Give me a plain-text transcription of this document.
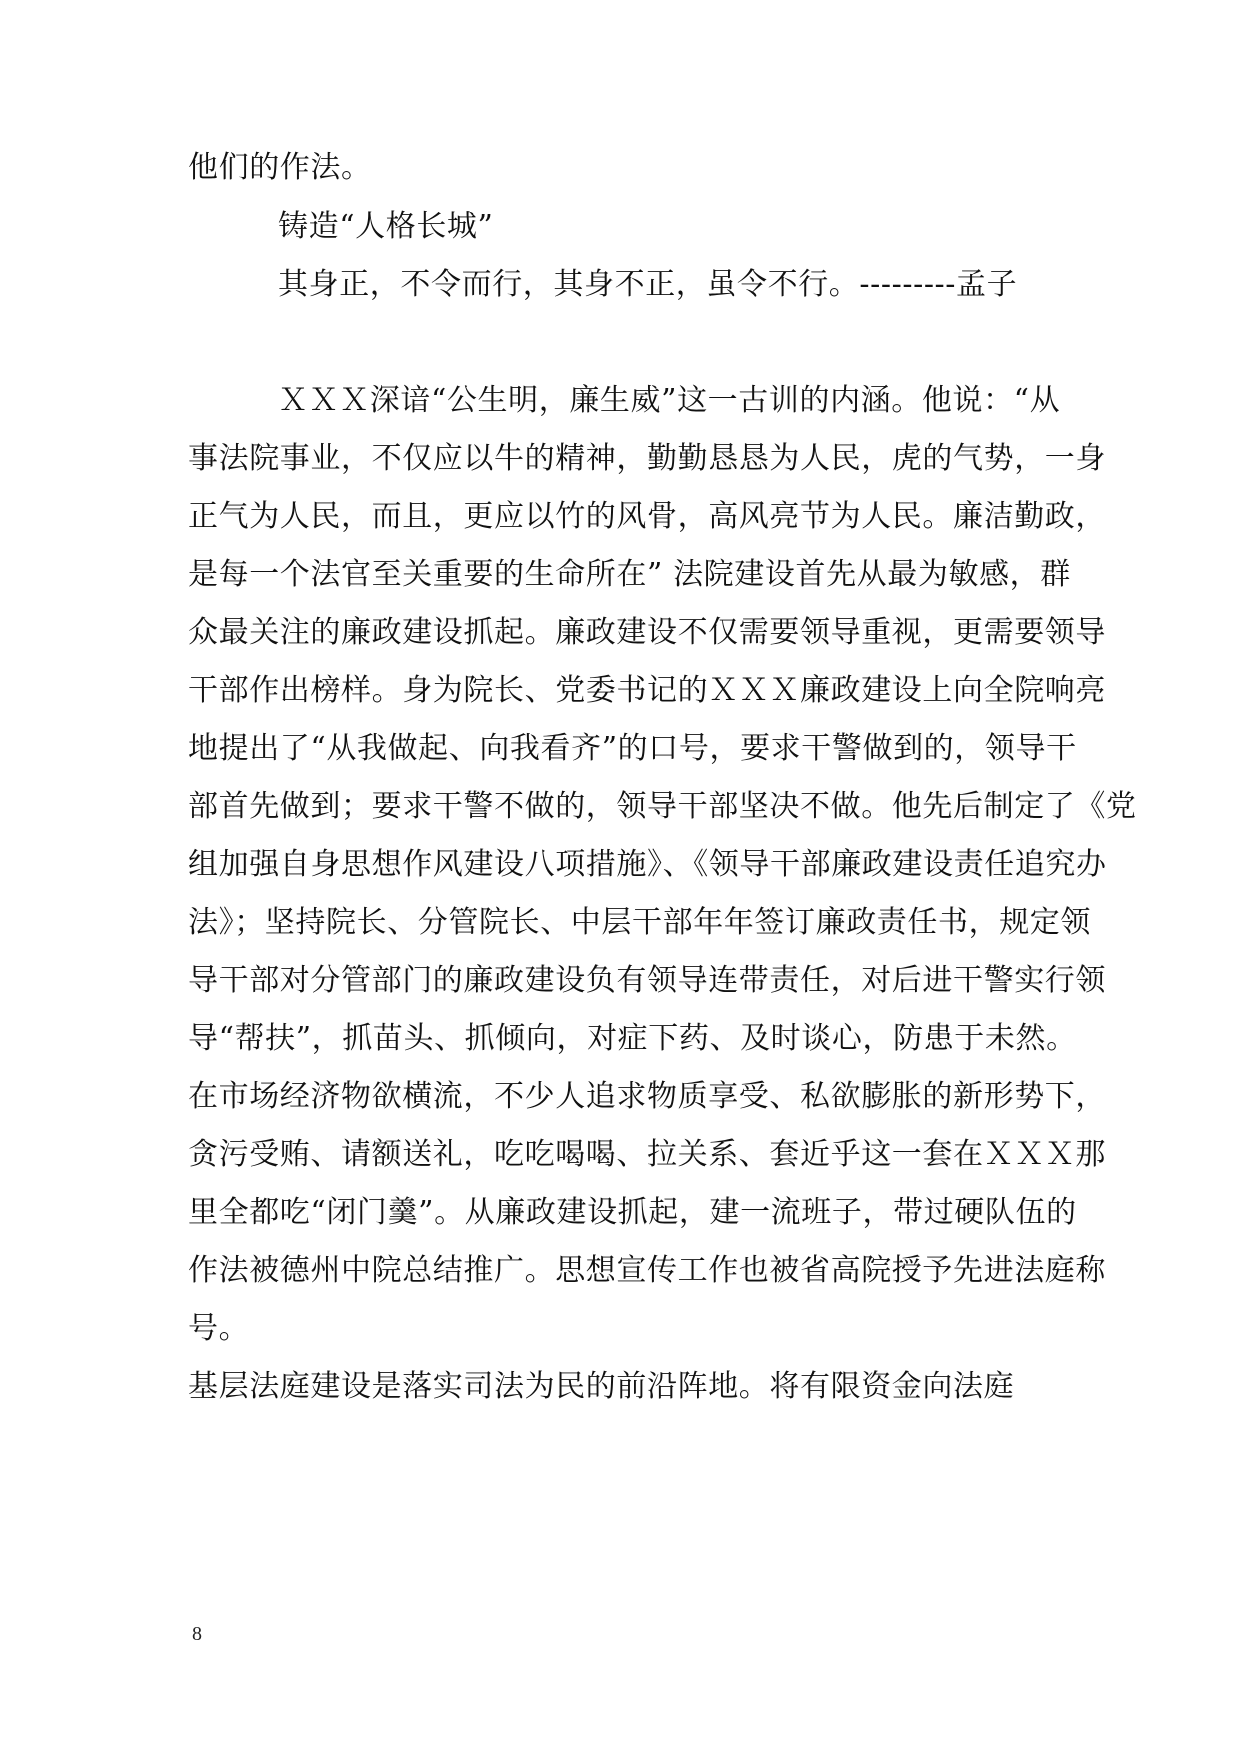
他们的作法。
铸造“人格长城”
其身正，不令而行，其身不正，虽令不行。---------孟子
ＸＸＸ深谙“公生明，廉生威”这一古训的内涵。他说：“从
事法院事业，不仅应以牛的精神，勤勤恳恳为人民，虎的气势，一身
正气为人民，而且，更应以竹的风骨，高风亮节为人民。廉洁勤政，
是每一个法官至关重要的生命所在” 法院建设首先从最为敏感，群
众最关注的廉政建设抓起。廉政建设不仅需要领导重视，更需要领导
干部作出榜样。身为院长、党委书记的ＸＸＸ廉政建设上向全院响亮
地提出了“从我做起、向我看齐”的口号，要求干警做到的，领导干
部首先做到；要求干警不做的，领导干部坚决不做。他先后制定了《党
组加强自身思想作风建设八项措施》、《领导干部廉政建设责任追究办
法》；坚持院长、分管院长、中层干部年年签订廉政责任书，规定领
导干部对分管部门的廉政建设负有领导连带责任，对后进干警实行领
导“帮扶”，抓苗头、抓倾向，对症下药、及时谈心，防患于未然。
在市场经济物欲横流，不少人追求物质享受、私欲膨胀的新形势下，
贪污受贿、请额送礼，吃吃喝喝、拉关系、套近乎这一套在ＸＸＸ那
里全都吃“闭门羹”。从廉政建设抓起，建一流班子，带过硬队伍的
作法被德州中院总结推广。思想宣传工作也被省高院授予先进法庭称
号。
基层法庭建设是落实司法为民的前沿阵地。将有限资金向法庭
8
